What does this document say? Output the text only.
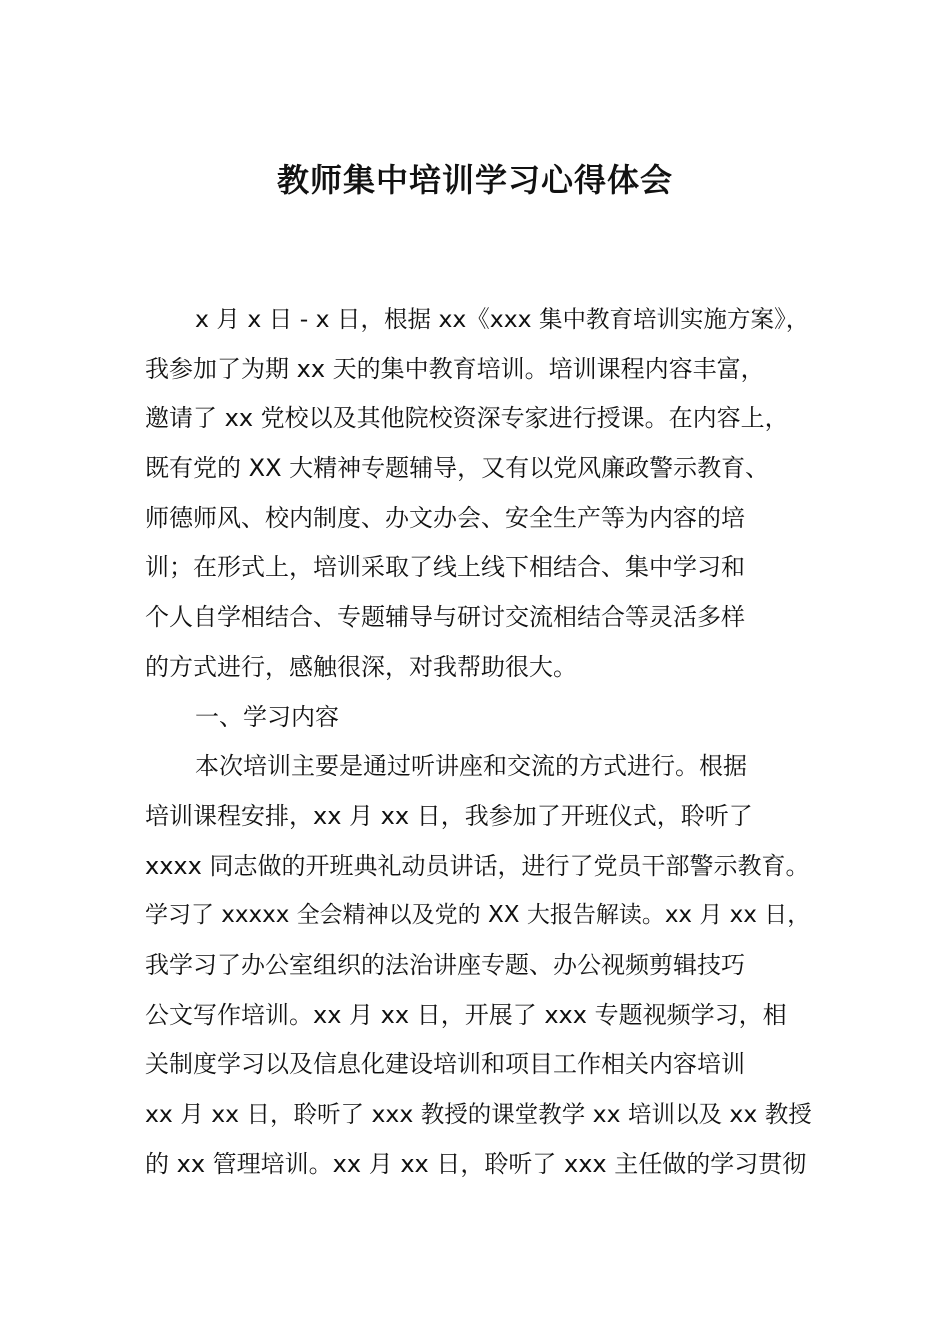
教师集中培训学习心得体会
x 月 x 日 - x 日，根据 xx《xxx 集中教育培训实施方案》，
我参加了为期 xx 天的集中教育培训。培训课程内容丰富，
邀请了 xx 党校以及其他院校资深专家进行授课。在内容上，
既有党的 XX 大精神专题辅导，又有以党风廉政警示教育、
师德师风、校内制度、办文办会、安全生产等为内容的培
训；在形式上，培训采取了线上线下相结合、集中学习和
个人自学相结合、专题辅导与研讨交流相结合等灵活多样
的方式进行，感触很深，对我帮助很大。
一、学习内容
本次培训主要是通过听讲座和交流的方式进行。根据
培训课程安排，xx 月 xx 日，我参加了开班仪式，聆听了
xxxx 同志做的开班典礼动员讲话，进行了党员干部警示教育。
学习了 xxxxx 全会精神以及党的 XX 大报告解读。xx 月 xx 日，
我学习了办公室组织的法治讲座专题、办公视频剪辑技巧
公文写作培训。xx 月 xx 日，开展了 xxx 专题视频学习，相
关制度学习以及信息化建设培训和项目工作相关内容培训
xx 月 xx 日，聆听了 xxx 教授的课堂教学 xx 培训以及 xx 教授
的 xx 管理培训。xx 月 xx 日，聆听了 xxx 主任做的学习贯彻
